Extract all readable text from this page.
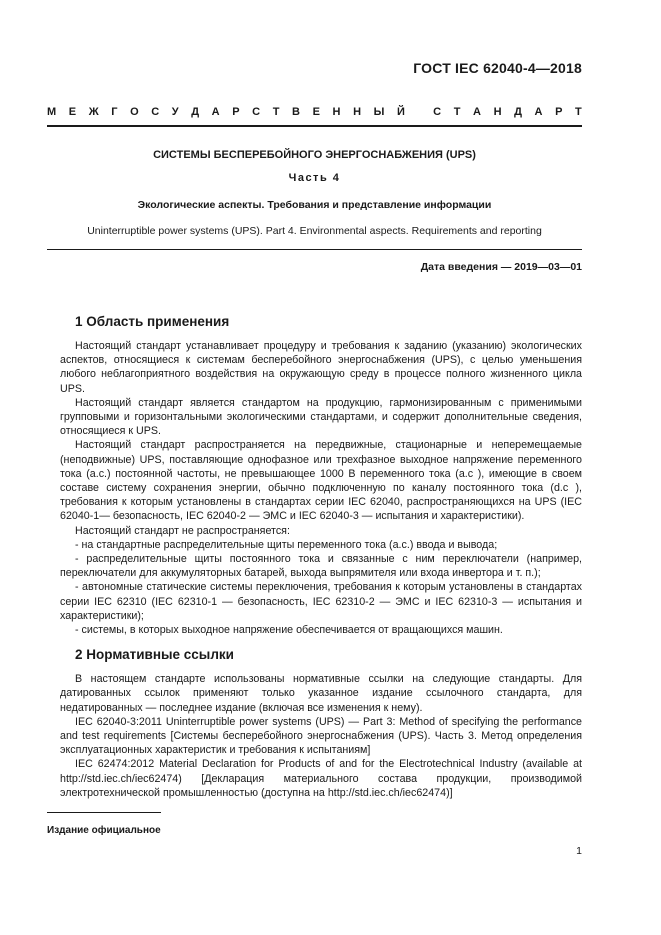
ГОСТ IEC 62040-4—2018
М Е Ж Г О С У Д А Р С Т В Е Н Н Ы Й
	С Т А Н Д А Р Т
СИСТЕМЫ БЕСПЕРЕБОЙНОГО ЭНЕРГОСНАБЖЕНИЯ (UPS)
Часть 4
Экологические аспекты. Требования и представление информации
Uninterruptible power systems (UPS). Part 4. Environmental aspects. Requirements and reporting
Дата введения — 2019—03—01
1 Область применения

Настоящий стандарт устанавливает процедуру и требования к заданию (указанию) экологических аспектов, относящиеся к системам бесперебойного энергоснабжения (UPS), с целью уменьшения любого неблагоприятного воздействия на окружающую среду в процессе полного жизненного цикла UPS.

Настоящий стандарт является стандартом на продукцию, гармонизированным с применимыми групповыми и горизонтальными экологическими стандартами, и содержит дополнительные сведения, относящиеся к UPS.

Настоящий стандарт распространяется на передвижные, стационарные и неперемещаемые (неподвижные) UPS, поставляющие однофазное или трехфазное выходное напряжение переменного тока (a.c.) постоянной частоты, не превышающее 1000 В переменного тока (a.c ), имеющие в своем составе систему сохранения энергии, обычно подключенную по каналу постоянного тока (d.c ), требования к которым установлены в стандартах серии IEC 62040, распространяющихся на UPS (IEC 62040-1— безопасность, IEC 62040-2 — ЭМС и IEC 62040-3 — испытания и характеристики).

Настоящий стандарт не распространяется:

- на стандартные распределительные щиты переменного тока (a.c.) ввода и вывода;

- распределительные щиты постоянного тока и связанные с ним переключатели (например, переключатели для аккумуляторных батарей, выхода выпрямителя или входа инвертора и т. п.);

- автономные статические системы переключения, требования к которым установлены в стандартах серии IEC 62310 (IEC 62310-1 — безопасность, IEC 62310-2 — ЭМС и IEC 62310-3 — испытания и характеристики);

- системы, в которых выходное напряжение обеспечивается от вращающихся машин.

2 Нормативные ссылки

В настоящем стандарте использованы нормативные ссылки на следующие стандарты. Для датированных ссылок применяют только указанное издание ссылочного стандарта, для недатированных — последнее издание (включая все изменения к нему).

IEC 62040-3:2011 Uninterruptible power systems (UPS) — Part 3: Method of specifying the performance and test requirements [Системы бесперебойного энергоснабжения (UPS). Часть 3. Метод определения эксплуатационных характеристик и требования к испытаниям]

IEC 62474:2012 Material Declaration for Products of and for the Electrotechnical Industry (available at http://std.iec.ch/iec62474) [Декларация материального состава продукции, производимой электротехнической промышленностью (доступна на http://std.iec.ch/iec62474)]

Издание официальное
1
